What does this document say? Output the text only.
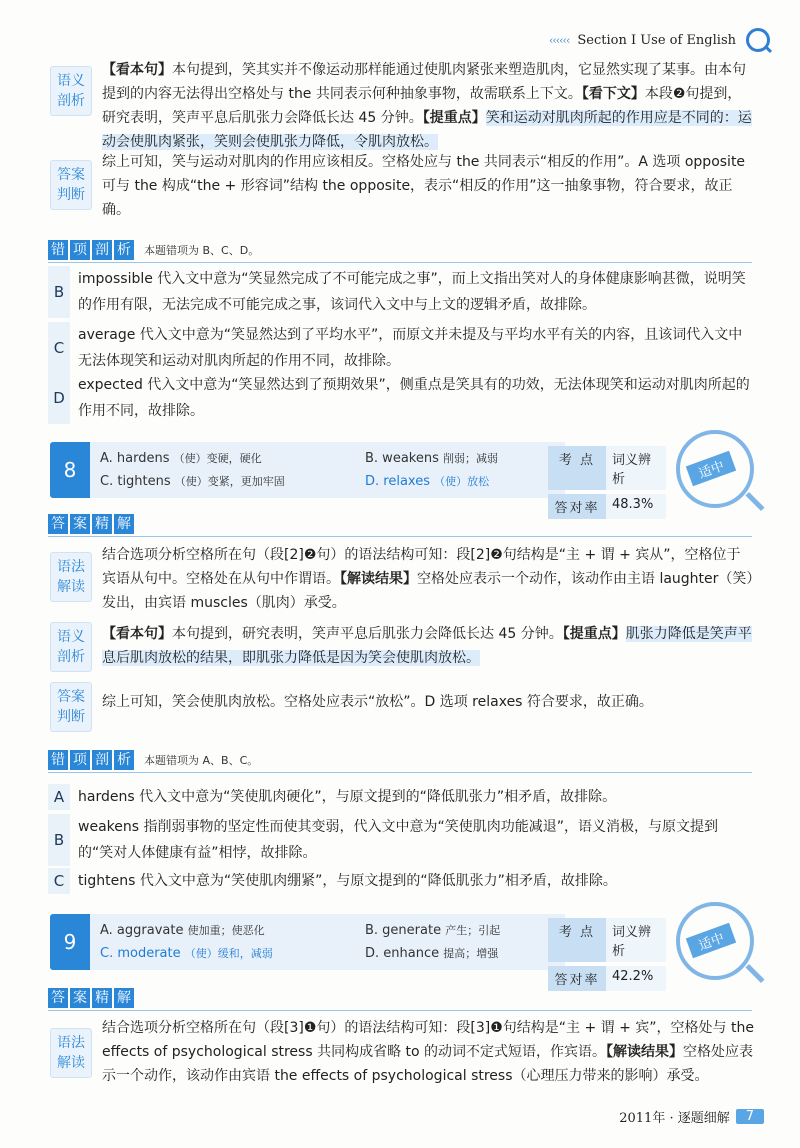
‹‹‹‹‹‹ Section I Use of English
语义
剖析
【看本句】本句提到，笑其实并不像运动那样能通过使肌肉紧张来塑造肌肉，它显然实现了某事。由本句提到的内容无法得出空格处与 the 共同表示何种抽象事物，故需联系上下文。【看下文】本段❷句提到，研究表明，笑声平息后肌张力会降低长达 45 分钟。【提重点】笑和运动对肌肉所起的作用应是不同的：运动会使肌肉紧张，笑则会使肌张力降低，令肌肉放松。
答案
判断
综上可知，笑与运动对肌肉的作用应该相反。空格处应与 the 共同表示“相反的作用”。A 选项 opposite 可与 the 构成“the + 形容词”结构 the opposite，表示“相反的作用”这一抽象事物，符合要求，故正确。
错 项 剖 析 本题错项为 B、C、D。
B
impossible 代入文中意为“笑显然完成了不可能完成之事”，而上文指出笑对人的身体健康影响甚微，说明笑的作用有限，无法完成不可能完成之事，该词代入文中与上文的逻辑矛盾，故排除。
C
average 代入文中意为“笑显然达到了平均水平”，而原文并未提及与平均水平有关的内容，且该词代入文中无法体现笑和运动对肌肉所起的作用不同，故排除。
D
expected 代入文中意为“笑显然达到了预期效果”，侧重点是笑具有的功效，无法体现笑和运动对肌肉所起的作用不同，故排除。
8	A. hardens （使）变硬，硬化	B. weakens 削弱；减弱
C. tightens （使）变紧，更加牢固	D. relaxes （使）放松
考 点	词义辨析
答对率 48.3%
适中
答 案 精 解
语法
解读
结合选项分析空格所在句（段[2]❷句）的语法结构可知：段[2]❷句结构是“主 + 谓 + 宾从”，空格位于宾语从句中。空格处在从句中作谓语。【解读结果】空格处应表示一个动作，该动作由主语 laughter（笑）发出，由宾语 muscles（肌肉）承受。
语义
剖析
【看本句】本句提到，研究表明，笑声平息后肌张力会降低长达 45 分钟。【提重点】肌张力降低是笑声平息后肌肉放松的结果，即肌张力降低是因为笑会使肌肉放松。
答案
判断
综上可知，笑会使肌肉放松。空格处应表示“放松”。D 选项 relaxes 符合要求，故正确。
错 项 剖 析 本题错项为 A、B、C。
A hardens 代入文中意为“笑使肌肉硬化”，与原文提到的“降低肌张力”相矛盾，故排除。
B
weakens 指削弱事物的坚定性而使其变弱，代入文中意为“笑使肌肉功能减退”，语义消极，与原文提到的“笑对人体健康有益”相悖，故排除。
C tightens 代入文中意为“笑使肌肉绷紧”，与原文提到的“降低肌张力”相矛盾，故排除。
9	A. aggravate 使加重；使恶化	B. generate 产生；引起
C. moderate （使）缓和，减弱	D. enhance 提高；增强
考 点	词义辨析
答对率 42.2%
适中
答 案 精 解
语法
解读
结合选项分析空格所在句（段[3]❶句）的语法结构可知：段[3]❶句结构是“主 + 谓 + 宾”，空格处与 the effects of psychological stress 共同构成省略 to 的动词不定式短语，作宾语。【解读结果】空格处应表示一个动作，该动作由宾语 the effects of psychological stress（心理压力带来的影响）承受。
2011年 · 逐题细解	7
